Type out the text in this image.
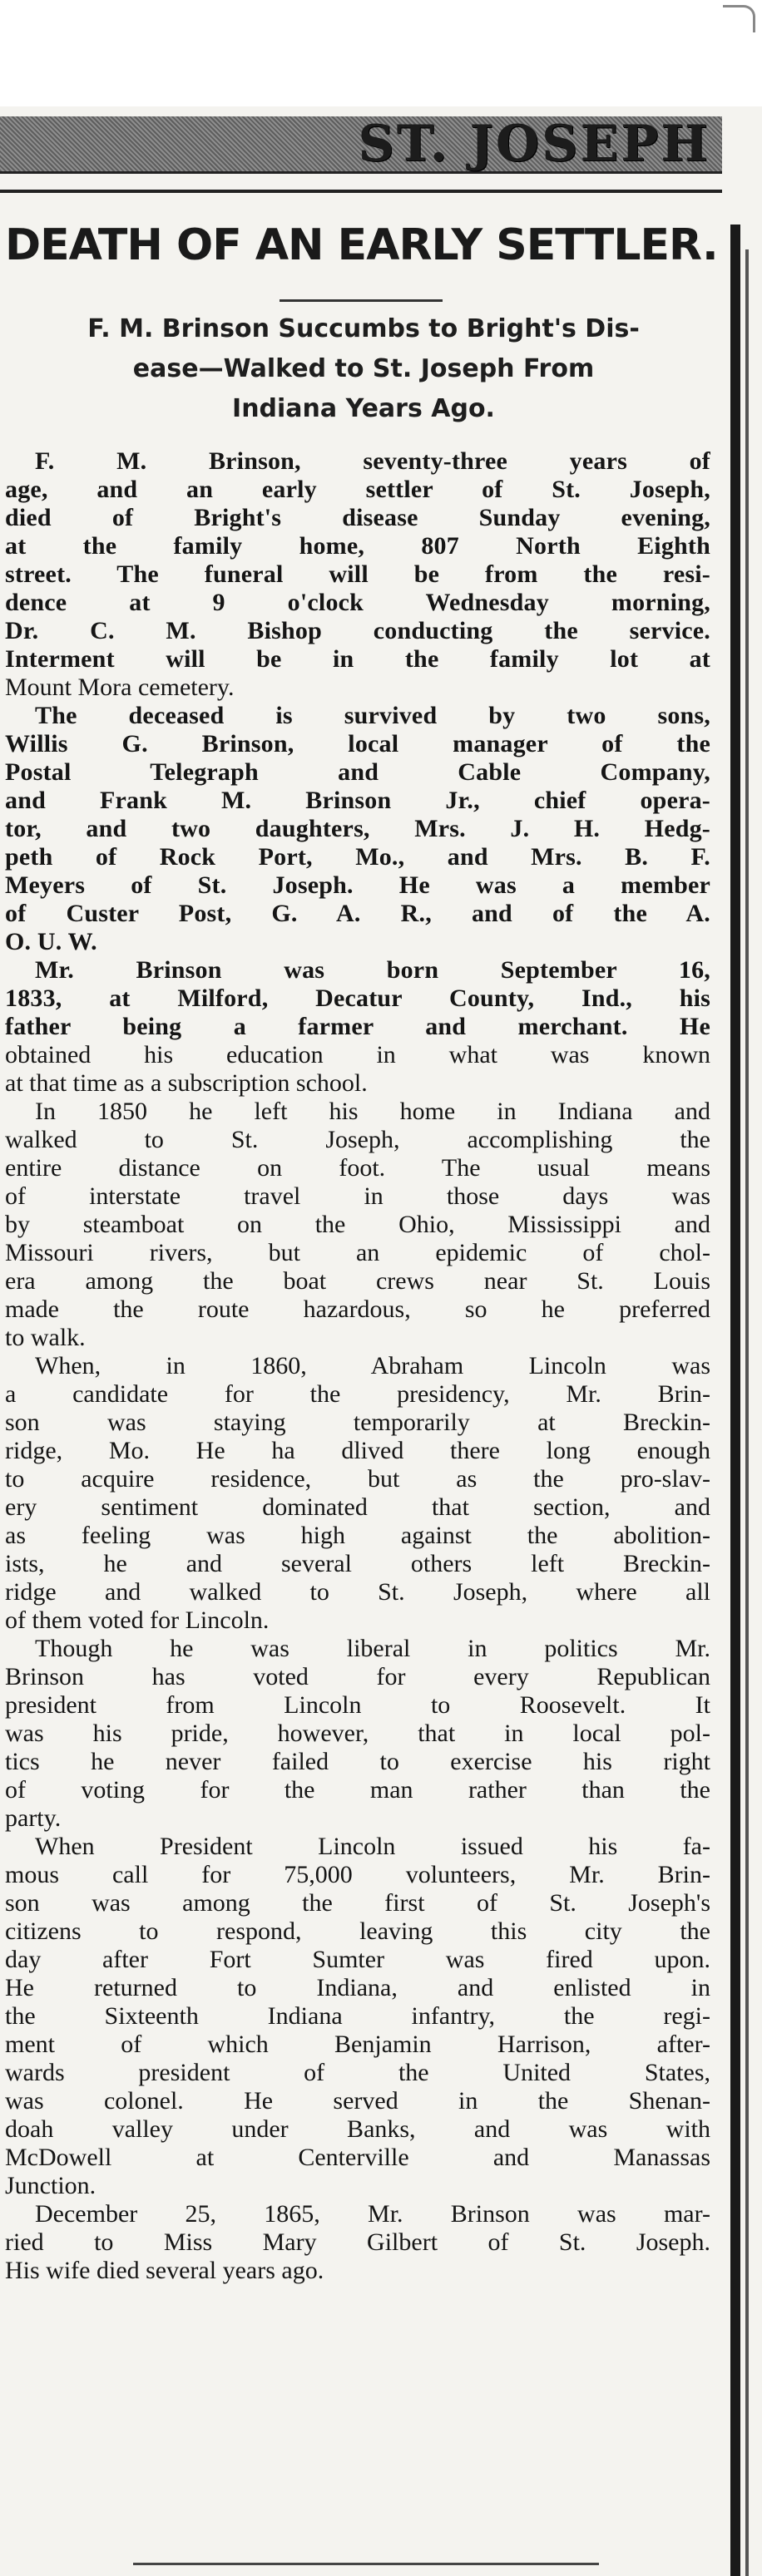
ST. JOSEPH
DEATH OF AN EARLY SETTLER.
F. M. Brinson Succumbs to Bright's Dis-
ease—Walked to St. Joseph From
Indiana Years Ago.

F. M. Brinson, seventy-three years of
age, and an early settler of St. Joseph,
died of Bright's disease Sunday evening,
at the family home, 807 North Eighth
street. The funeral will be from the resi-
dence at 9 o'clock Wednesday morning,
Dr. C. M. Bishop conducting the service.
Interment will be in the family lot at
Mount Mora cemetery.

The deceased is survived by two sons,
Willis G. Brinson, local manager of the
Postal Telegraph and Cable Company,
and Frank M. Brinson Jr., chief opera-
tor, and two daughters, Mrs. J. H. Hedg-
peth of Rock Port, Mo., and Mrs. B. F.
Meyers of St. Joseph. He was a member
of Custer Post, G. A. R., and of the A.
O. U. W.

Mr. Brinson was born September 16,
1833, at Milford, Decatur County, Ind., his
father being a farmer and merchant. He
obtained his education in what was known
at that time as a subscription school.

In 1850 he left his home in Indiana and
walked to St. Joseph, accomplishing the
entire distance on foot. The usual means
of interstate travel in those days was
by steamboat on the Ohio, Mississippi and
Missouri rivers, but an epidemic of chol-
era among the boat crews near St. Louis
made the route hazardous, so he preferred
to walk.

When, in 1860, Abraham Lincoln was
a candidate for the presidency, Mr. Brin-
son was staying temporarily at Breckin-
ridge, Mo. He ha dlived there long enough
to acquire residence, but as the pro-slav-
ery sentiment dominated that section, and
as feeling was high against the abolition-
ists, he and several others left Breckin-
ridge and walked to St. Joseph, where all
of them voted for Lincoln.

Though he was liberal in politics Mr.
Brinson has voted for every Republican
president from Lincoln to Roosevelt. It
was his pride, however, that in local pol-
tics he never failed to exercise his right
of voting for the man rather than the
party.

When President Lincoln issued his fa-
mous call for 75,000 volunteers, Mr. Brin-
son was among the first of St. Joseph's
citizens to respond, leaving this city the
day after Fort Sumter was fired upon.
He returned to Indiana, and enlisted in
the Sixteenth Indiana infantry, the regi-
ment of which Benjamin Harrison, after-
wards president of the United States,
was colonel. He served in the Shenan-
doah valley under Banks, and was with
McDowell at Centerville and Manassas
Junction.

December 25, 1865, Mr. Brinson was mar-
ried to Miss Mary Gilbert of St. Joseph.
His wife died several years ago.
